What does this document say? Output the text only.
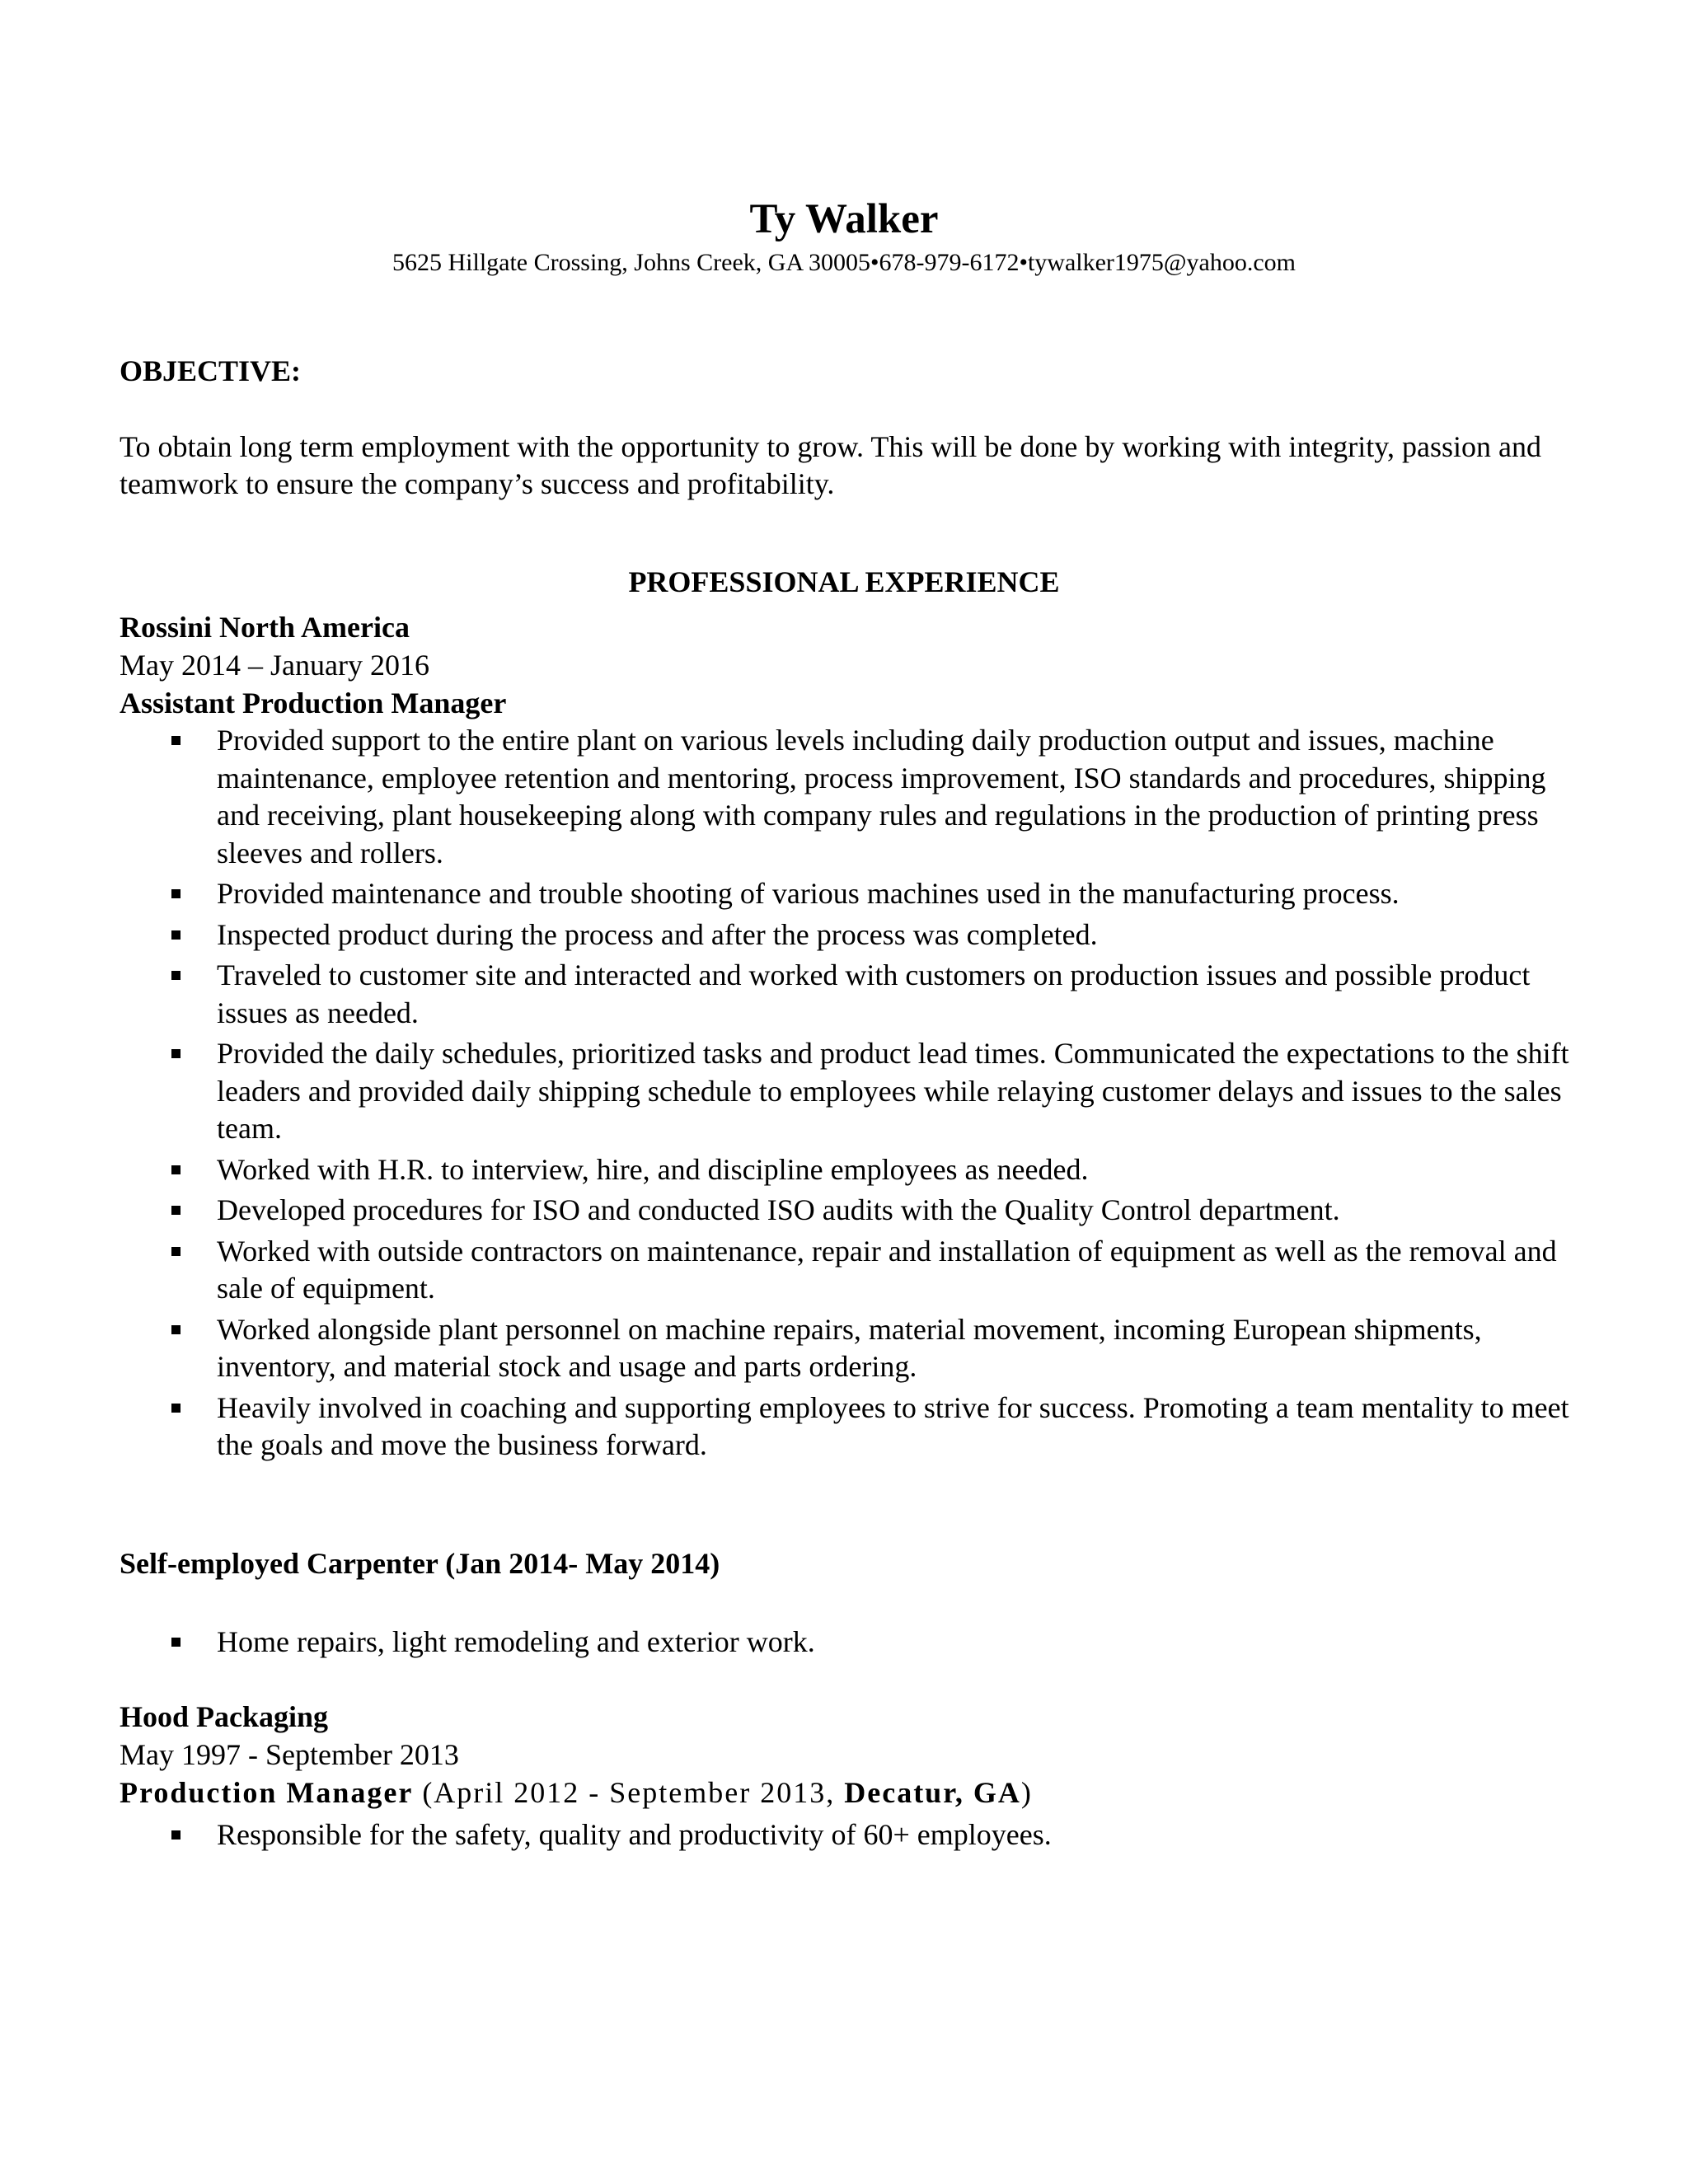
Ty Walker
5625 Hillgate Crossing, Johns Creek, GA 30005•678-979-6172•tywalker1975@yahoo.com
OBJECTIVE:
To obtain long term employment with the opportunity to grow. This will be done by working with integrity, passion and teamwork to ensure the company’s success and profitability.
PROFESSIONAL EXPERIENCE
Rossini North America
May 2014 – January 2016
Assistant Production Manager
Provided support to the entire plant on various levels including daily production output and issues, machine maintenance, employee retention and mentoring, process improvement, ISO standards and procedures, shipping and receiving, plant housekeeping along with company rules and regulations in the production of printing press sleeves and rollers.
Provided maintenance and trouble shooting of various machines used in the manufacturing process.
Inspected product during the process and after the process was completed.
Traveled to customer site and interacted and worked with customers on production issues and possible product issues as needed.
Provided the daily schedules, prioritized tasks and product lead times. Communicated the expectations to the shift leaders and provided daily shipping schedule to employees while relaying customer delays and issues to the sales team.
Worked with H.R. to interview, hire, and discipline employees as needed.
Developed procedures for ISO and conducted ISO audits with the Quality Control department.
Worked with outside contractors on maintenance, repair and installation of equipment as well as the removal and sale of equipment.
Worked alongside plant personnel on machine repairs, material movement, incoming European shipments, inventory, and material stock and usage and parts ordering.
Heavily involved in coaching and supporting employees to strive for success. Promoting a team mentality to meet the goals and move the business forward.
Self-employed Carpenter (Jan 2014- May 2014)
Home repairs, light remodeling and exterior work.
Hood Packaging
May 1997 - September 2013
Production Manager (April 2012 - September 2013, Decatur, GA)
Responsible for the safety, quality and productivity of 60+ employees.
